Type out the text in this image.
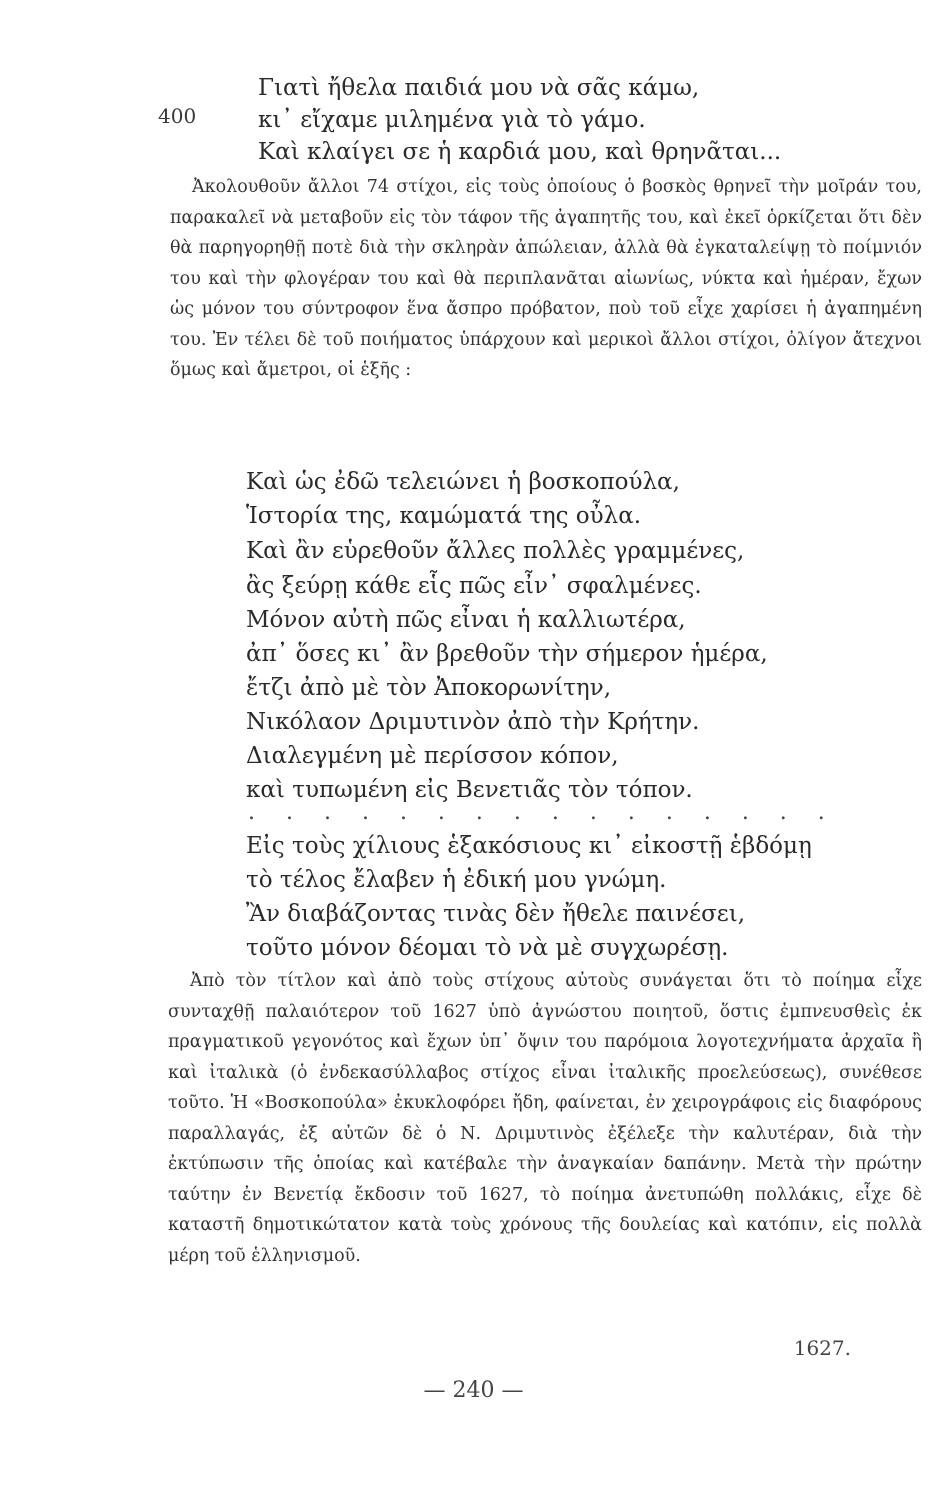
400
Γιατὶ ἤθελα παιδιά μου νὰ σᾶς κάμω,
κι᾽ εἴχαμε μιλημένα γιὰ τὸ γάμο.
Καὶ κλαίγει σε ἡ καρδιά μου, καὶ θρηνᾶται...

Ἀκολουθοῦν ἄλλοι 74 στίχοι, εἰς τοὺς ὁποίους ὁ βοσκὸς θρηνεῖ τὴν μοῖράν του, παρακαλεῖ νὰ μεταβοῦν εἰς τὸν τάφον τῆς ἀγαπητῆς του, καὶ ἐκεῖ ὁρκίζεται ὅτι δὲν θὰ παρηγορηθῇ ποτὲ διὰ τὴν σκληρὰν ἀπώλειαν, ἀλλὰ θὰ ἐγκαταλείψῃ τὸ ποίμνιόν του καὶ τὴν φλογέραν του καὶ θὰ περιπλανᾶται αἰωνίως, νύκτα καὶ ἡμέραν, ἔχων ὡς μόνον του σύντροφον ἕνα ἄσπρο πρόβατον, ποὺ τοῦ εἶχε χαρίσει ἡ ἀγαπημένη του. Ἐν τέλει δὲ τοῦ ποιήματος ὑπάρχουν καὶ μερικοὶ ἄλλοι στίχοι, ὀλίγον ἄτεχνοι ὅμως καὶ ἄμετροι, οἱ ἑξῆς :

Καὶ ὡς ἐδῶ τελειώνει ἡ βοσκοπούλα,
Ἱστορία της, καμώματά της οὖλα.
Καὶ ἂν εὑρεθοῦν ἄλλες πολλὲς γραμμένες,
ἂς ξεύρῃ κάθε εἷς πῶς εἶν᾽ σφαλμένες.
Μόνον αὐτὴ πῶς εἶναι ἡ καλλιωτέρα,
ἀπ᾽ ὅσες κι᾽ ἂν βρεθοῦν τὴν σήμερον ἡμέρα,
ἔτζι ἀπὸ μὲ τὸν Ἀποκορωνίτην,
Νικόλαον Δριμυτινὸν ἀπὸ τὴν Κρήτην.
Διαλεγμένη μὲ περίσσον κόπον,
καὶ τυπωμένη εἰς Βενετιᾶς τὸν τόπον.
. . . . . . . . . . . . . . . .
Εἰς τοὺς χίλιους ἑξακόσιους κι᾽ εἰκοστῇ ἑβδόμῃ
τὸ τέλος ἔλαβεν ἡ ἐδική μου γνώμη.
Ἂν διαβάζοντας τινὰς δὲν ἤθελε παινέσει,
τοῦτο μόνον δέομαι τὸ νὰ μὲ συγχωρέσῃ.

Ἀπὸ τὸν τίτλον καὶ ἀπὸ τοὺς στίχους αὐτοὺς συνάγεται ὅτι τὸ ποίημα εἶχε συνταχθῇ παλαιότερον τοῦ 1627 ὑπὸ ἀγνώστου ποιητοῦ, ὅστις ἐμπνευσθεὶς ἐκ πραγματικοῦ γεγονότος καὶ ἔχων ὑπ᾽ ὄψιν του παρόμοια λογοτεχνήματα ἀρχαῖα ἢ καὶ ἰταλικὰ (ὁ ἐνδεκασύλλαβος στίχος εἶναι ἰταλικῆς προελεύσεως), συνέθεσε τοῦτο. Ἡ «Βοσκοπούλα» ἐκυκλοφόρει ἤδη, φαίνεται, ἐν χειρογράφοις εἰς διαφόρους παραλλαγάς, ἐξ αὐτῶν δὲ ὁ Ν. Δριμυτινὸς ἐξέλεξε τὴν καλυτέραν, διὰ τὴν ἐκτύπωσιν τῆς ὁποίας καὶ κατέβαλε τὴν ἀναγκαίαν δαπάνην. Μετὰ τὴν πρώτην ταύτην ἐν Βενετίᾳ ἔκδοσιν τοῦ 1627, τὸ ποίημα ἀνετυπώθη πολλάκις, εἶχε δὲ καταστῆ δημοτικώτατον κατὰ τοὺς χρόνους τῆς δουλείας καὶ κατόπιν, εἰς πολλὰ μέρη τοῦ ἑλληνισμοῦ.

1627.
— 240 —
